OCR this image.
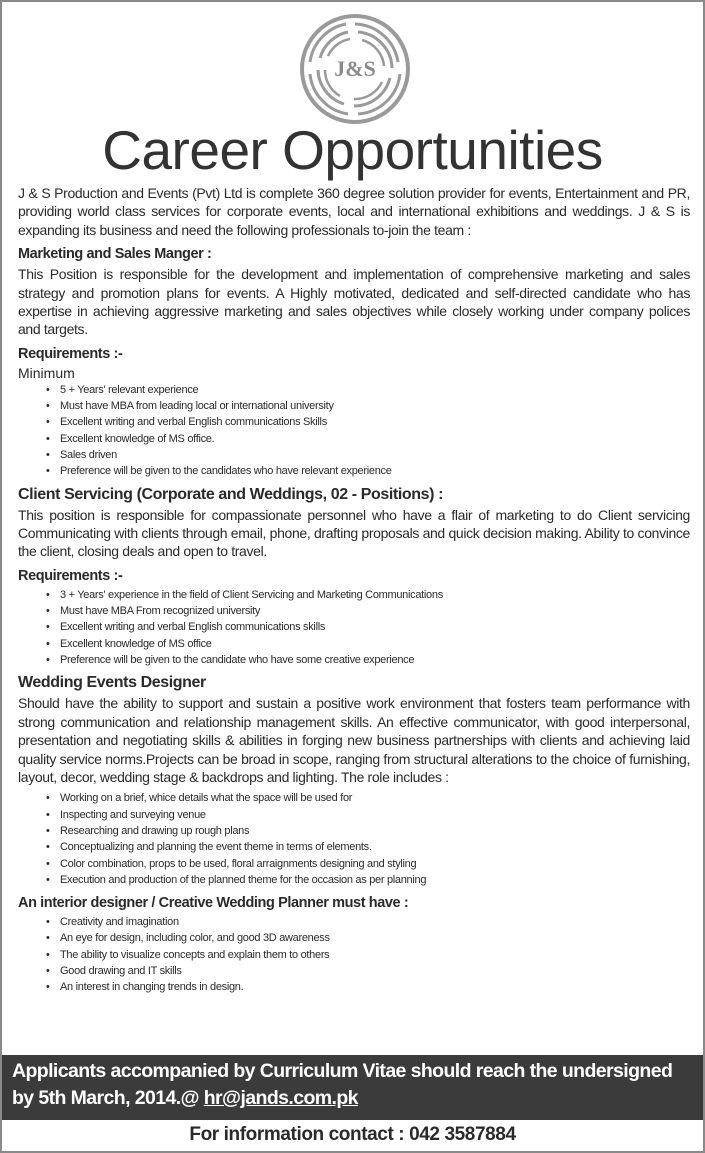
J&S
Career Opportunities

J & S Production and Events (Pvt) Ltd is complete 360 degree solution provider for events, Entertainment and PR, providing world class services for corporate events, local and international exhibitions and weddings. J & S is expanding its business and need the following professionals to-join the team :

Marketing and Sales Manger :

This Position is responsible for the development and implementation of comprehensive marketing and sales strategy and promotion plans for events. A Highly motivated, dedicated and self-directed candidate who has expertise in achieving aggressive marketing and sales objectives while closely working under company polices and targets.

Requirements :-
Minimum
• 5 + Years' relevant experience
• Must have MBA from leading local or international university
• Excellent writing and verbal English communications Skills
• Excellent knowledge of MS office.
• Sales driven
• Preference will be given to the candidates who have relevant experience
Client Servicing (Corporate and Weddings, 02 - Positions) :

This position is responsible for compassionate personnel who have a flair of marketing to do Client servicing Communicating with clients through email, phone, drafting proposals and quick decision making. Ability to convince the client, closing deals and open to travel.

Requirements :-
• 3 + Years' experience in the field of Client Servicing and Marketing Communications
• Must have MBA From recognized university
• Excellent writing and verbal English communications skills
• Excellent knowledge of MS office
• Preference will be given to the candidate who have some creative experience
Wedding Events Designer

Should have the ability to support and sustain a positive work environment that fosters team performance with strong communication and relationship management skills. An effective communicator, with good interpersonal, presentation and negotiating skills & abilities in forging new business partnerships with clients and achieving laid quality service norms.Projects can be broad in scope, ranging from structural alterations to the choice of furnishing, layout, decor, wedding stage & backdrops and lighting. The role includes :

• Working on a brief, whice details what the space will be used for
• Inspecting and surveying venue
• Researching and drawing up rough plans
• Conceptualizing and planning the event theme in terms of elements.
• Color combination, props to be used, floral arraignments designing and styling
• Execution and production of the planned theme for the occasion as per planning
An interior designer / Creative Wedding Planner must have :
• Creativity and imagination
• An eye for design, including color, and good 3D awareness
• The ability to visualize concepts and explain them to others
• Good drawing and IT skills
• An interest in changing trends in design.
Applicants accompanied by Curriculum Vitae should reach the undersigned by 5th March, 2014.@ hr@jands.com.pk
For information contact : 042 3587884
